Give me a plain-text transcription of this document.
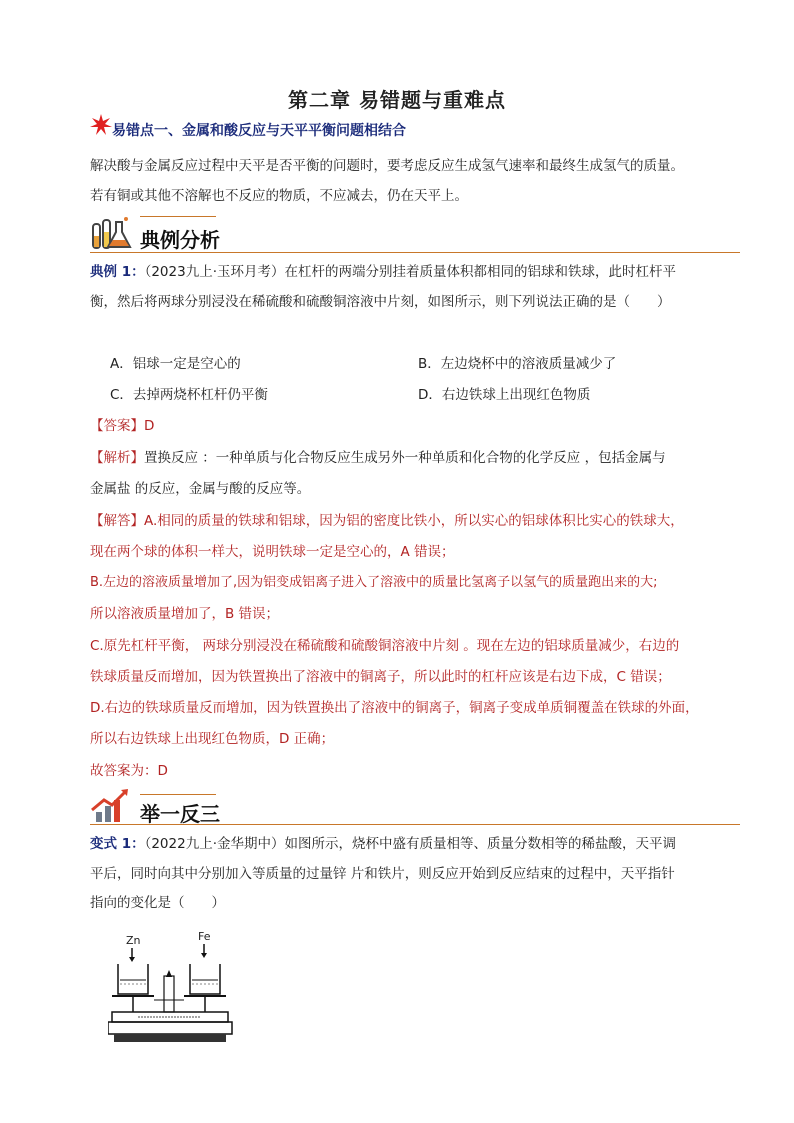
第二章 易错题与重难点
易错点一、金属和酸反应与天平平衡问题相结合
解决酸与金属反应过程中天平是否平衡的问题时，要考虑反应生成氢气速率和最终生成氢气的质量。
若有铜或其他不溶解也不反应的物质，不应减去，仍在天平上。
典例分析
典例 1：（2023九上·玉环月考）在杠杆的两端分别挂着质量体积都相同的铝球和铁球，此时杠杆平
衡，然后将两球分别浸没在稀硫酸和硫酸铜溶液中片刻，如图所示，则下列说法正确的是（　　）
A．铝球一定是空心的	B．左边烧杯中的溶液质量减少了
C．去掉两烧杯杠杆仍平衡	D．右边铁球上出现红色物质
【答案】D
【解析】置换反应 ：一种单质与化合物反应生成另外一种单质和化合物的化学反应 ，包括金属与
金属盐 的反应，金属与酸的反应等。
【解答】A.相同的质量的铁球和铝球，因为铝的密度比铁小，所以实心的铝球体积比实心的铁球大，
现在两个球的体积一样大，说明铁球一定是空心的，A 错误；
B.左边的溶液质量增加了,因为铝变成铝离子进入了溶液中的质量比氢离子以氢气的质量跑出来的大;
所以溶液质量增加了，B 错误；
C.原先杠杆平衡， 两球分别浸没在稀硫酸和硫酸铜溶液中片刻 。现在左边的铝球质量减少，右边的
铁球质量反而增加，因为铁置换出了溶液中的铜离子，所以此时的杠杆应该是右边下成，C 错误；
D.右边的铁球质量反而增加，因为铁置换出了溶液中的铜离子，铜离子变成单质铜覆盖在铁球的外面，
所以右边铁球上出现红色物质，D 正确；
故答案为：D
举一反三
变式 1：（2022九上·金华期中）如图所示，烧杯中盛有质量相等、质量分数相等的稀盐酸，天平调
平后，同时向其中分别加入等质量的过量锌 片和铁片，则反应开始到反应结束的过程中，天平指针
指向的变化是（　　）
Zn	Fe
